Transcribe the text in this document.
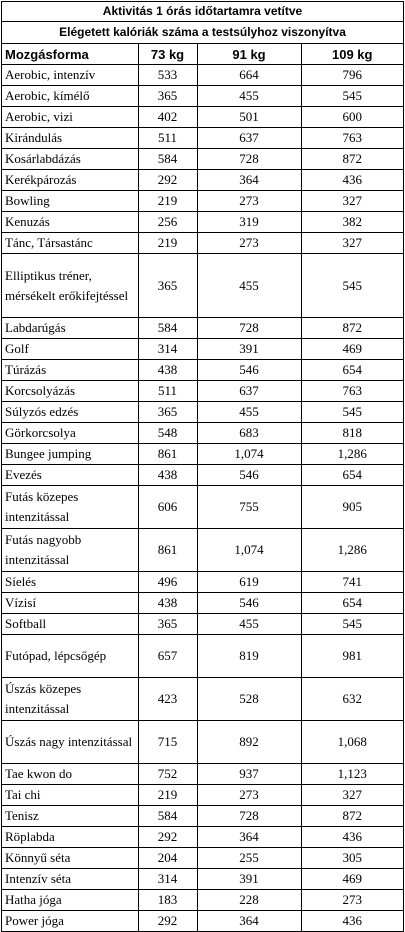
Aktivitás 1 órás időtartamra vetítve
Elégetett kalóriák száma a testsúlyhoz viszonyítva
Mozgásforma	73 kg	91 kg	109 kg
Aerobic, intenzív	533	664	796
Aerobic, kímélő	365	455	545
Aerobic, vizi	402	501	600
Kirándulás	511	637	763
Kosárlabdázás	584	728	872
Kerékpározás	292	364	436
Bowling	219	273	327
Kenuzás	256	319	382
Tánc, Társastánc	219	273	327
Elliptikus tréner, mérsékelt erőkifejtéssel	365	455	545
Labdarúgás	584	728	872
Golf	314	391	469
Túrázás	438	546	654
Korcsolyázás	511	637	763
Súlyzós edzés	365	455	545
Görkorcsolya	548	683	818
Bungee jumping	861	1,074	1,286
Evezés	438	546	654
Futás közepes intenzitással	606	755	905
Futás nagyobb intenzitással	861	1,074	1,286
Síelés	496	619	741
Vízisí	438	546	654
Softball	365	455	545
Futópad, lépcsőgép	657	819	981
Úszás közepes intenzitással	423	528	632
Úszás nagy intenzitással	715	892	1,068
Tae kwon do	752	937	1,123
Tai chi	219	273	327
Tenisz	584	728	872
Röplabda	292	364	436
Könnyű séta	204	255	305
Intenzív séta	314	391	469
Hatha jóga	183	228	273
Power jóga	292	364	436
